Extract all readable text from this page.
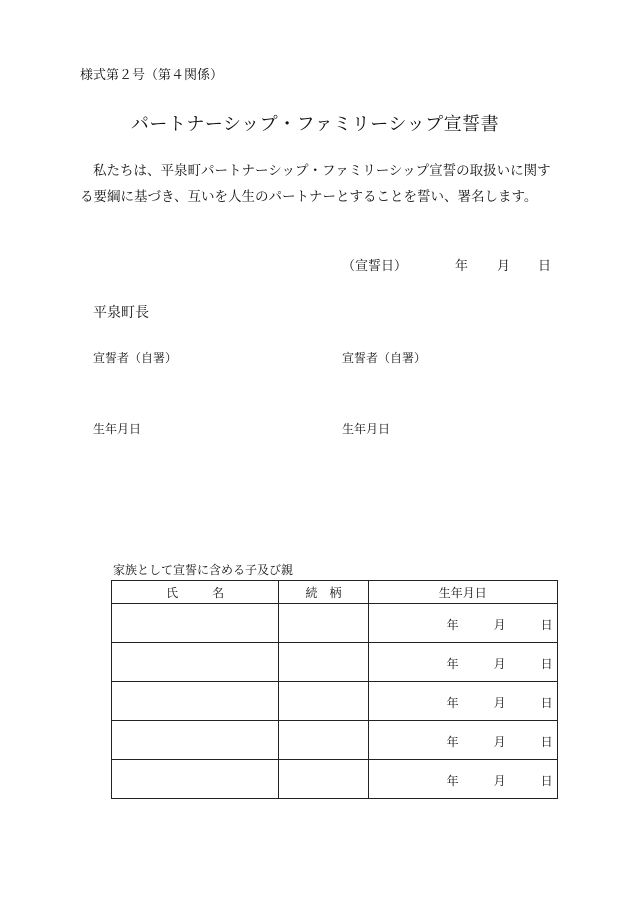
様式第２号（第４関係）
パートナーシップ・ファミリーシップ宣誓書
私たちは、平泉町パートナーシップ・ファミリーシップ宣誓の取扱いに関する要綱に基づき、互いを人生のパートナーとすることを誓い、署名します。
（宣誓日）	年 月 日
平泉町長
宣誓者（自署）	宣誓者（自署）
生年月日	生年月日
家族として宣誓に含める子及び親
氏名	続柄	生年月日

		年 月 日

		年 月 日

		年 月 日

		年 月 日

		年 月 日
